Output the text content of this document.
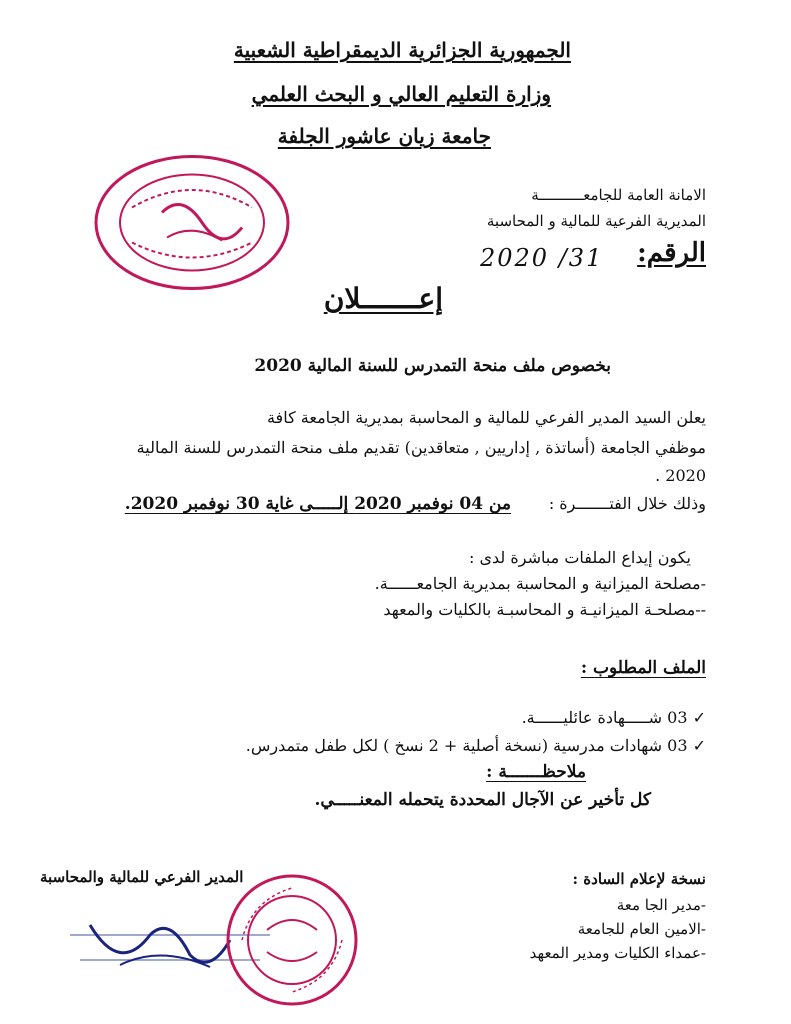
الجمهورية الجزائرية الديمقراطية الشعبية
وزارة التعليم العالي و البحث العلمي
جامعة زيان عاشور الجلفة
الامانة العامة للجامعــــــــــة
المديرية الفرعية للمالية و المحاسبة
الرقم:
2020 /31
إعـــــــلان
بخصوص ملف منحة التمدرس للسنة المالية 2020
يعلن السيد المدير الفرعي للمالية و المحاسبة بمديرية الجامعة كافة
موظفي الجامعة (أساتذة , إداريين , متعاقدين) تقديم ملف منحة التمدرس للسنة المالية
2020 .
وذلك خلال الفتـــــــرة :
من 04 نوفمبر 2020 إلـــــى غاية 30 نوفمبر 2020.
يكون إيداع الملفات مباشرة لدى :
-مصلحة الميزانية و المحاسبة بمديرية الجامعــــــة.
--مصلحـة الميزانيـة و المحاسبـة بالكليات والمعهد
الملف المطلوب :
✓ 03 شـــــهادة عائليــــــة.
✓ 03 شهادات مدرسية (نسخة أصلية + 2 نسخ ) لكل طفل متمدرس.
ملاحظـــــــة :
كل تأخير عن الآجال المحددة يتحمله المعنـــــي.
المدير الفرعي للمالية والمحاسبة	نسخة لإعلام السادة :
-مدير الجا معة
-الامين العام للجامعة
-عمداء الكليات ومدير المعهد
